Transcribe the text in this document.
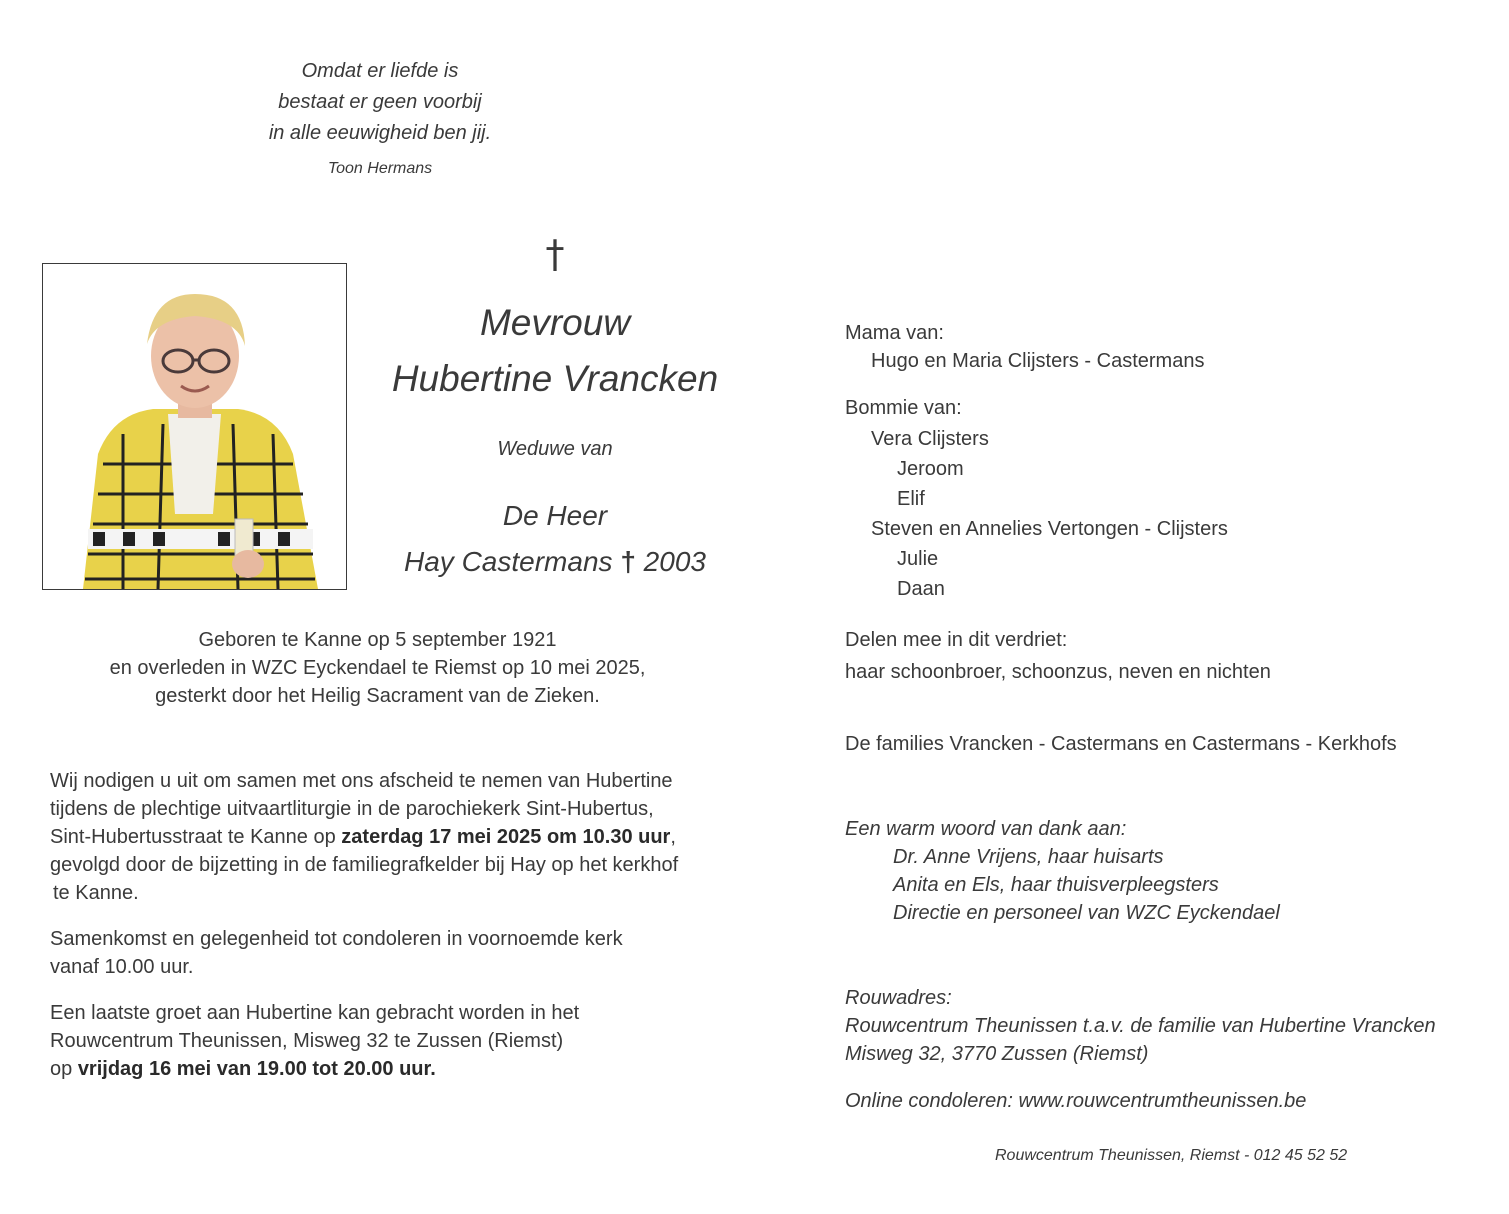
Omdat er liefde is
bestaat er geen voorbij
in alle eeuwigheid ben jij.
Toon Hermans
†
Mevrouw
Hubertine Vrancken
Weduwe van
De Heer
Hay Castermans † 2003
Geboren te Kanne op 5 september 1921
en overleden in WZC Eyckendael te Riemst op 10 mei 2025,
gesterkt door het Heilig Sacrament van de Zieken.
Wij nodigen u uit om samen met ons afscheid te nemen van Hubertine
tijdens de plechtige uitvaartliturgie in de parochiekerk Sint-Hubertus,
Sint-Hubertusstraat te Kanne op zaterdag 17 mei 2025 om 10.30 uur,
gevolgd door de bijzetting in de familiegrafkelder bij Hay op het kerkhof
te Kanne.
Samenkomst en gelegenheid tot condoleren in voornoemde kerk
vanaf 10.00 uur.
Een laatste groet aan Hubertine kan gebracht worden in het
Rouwcentrum Theunissen, Misweg 32 te Zussen (Riemst)
op vrijdag 16 mei van 19.00 tot 20.00 uur.
Mama van:
Hugo en Maria Clijsters - Castermans
Bommie van:
Vera Clijsters
Jeroom
Elif
Steven en Annelies Vertongen - Clijsters
Julie
Daan
Delen mee in dit verdriet:
haar schoonbroer, schoonzus, neven en nichten
De families Vrancken - Castermans en Castermans - Kerkhofs
Een warm woord van dank aan:
Dr. Anne Vrijens, haar huisarts
Anita en Els, haar thuisverpleegsters
Directie en personeel van WZC Eyckendael
Rouwadres:
Rouwcentrum Theunissen t.a.v. de familie van Hubertine Vrancken
Misweg 32, 3770 Zussen (Riemst)
Online condoleren: www.rouwcentrumtheunissen.be
Rouwcentrum Theunissen, Riemst - 012 45 52 52
